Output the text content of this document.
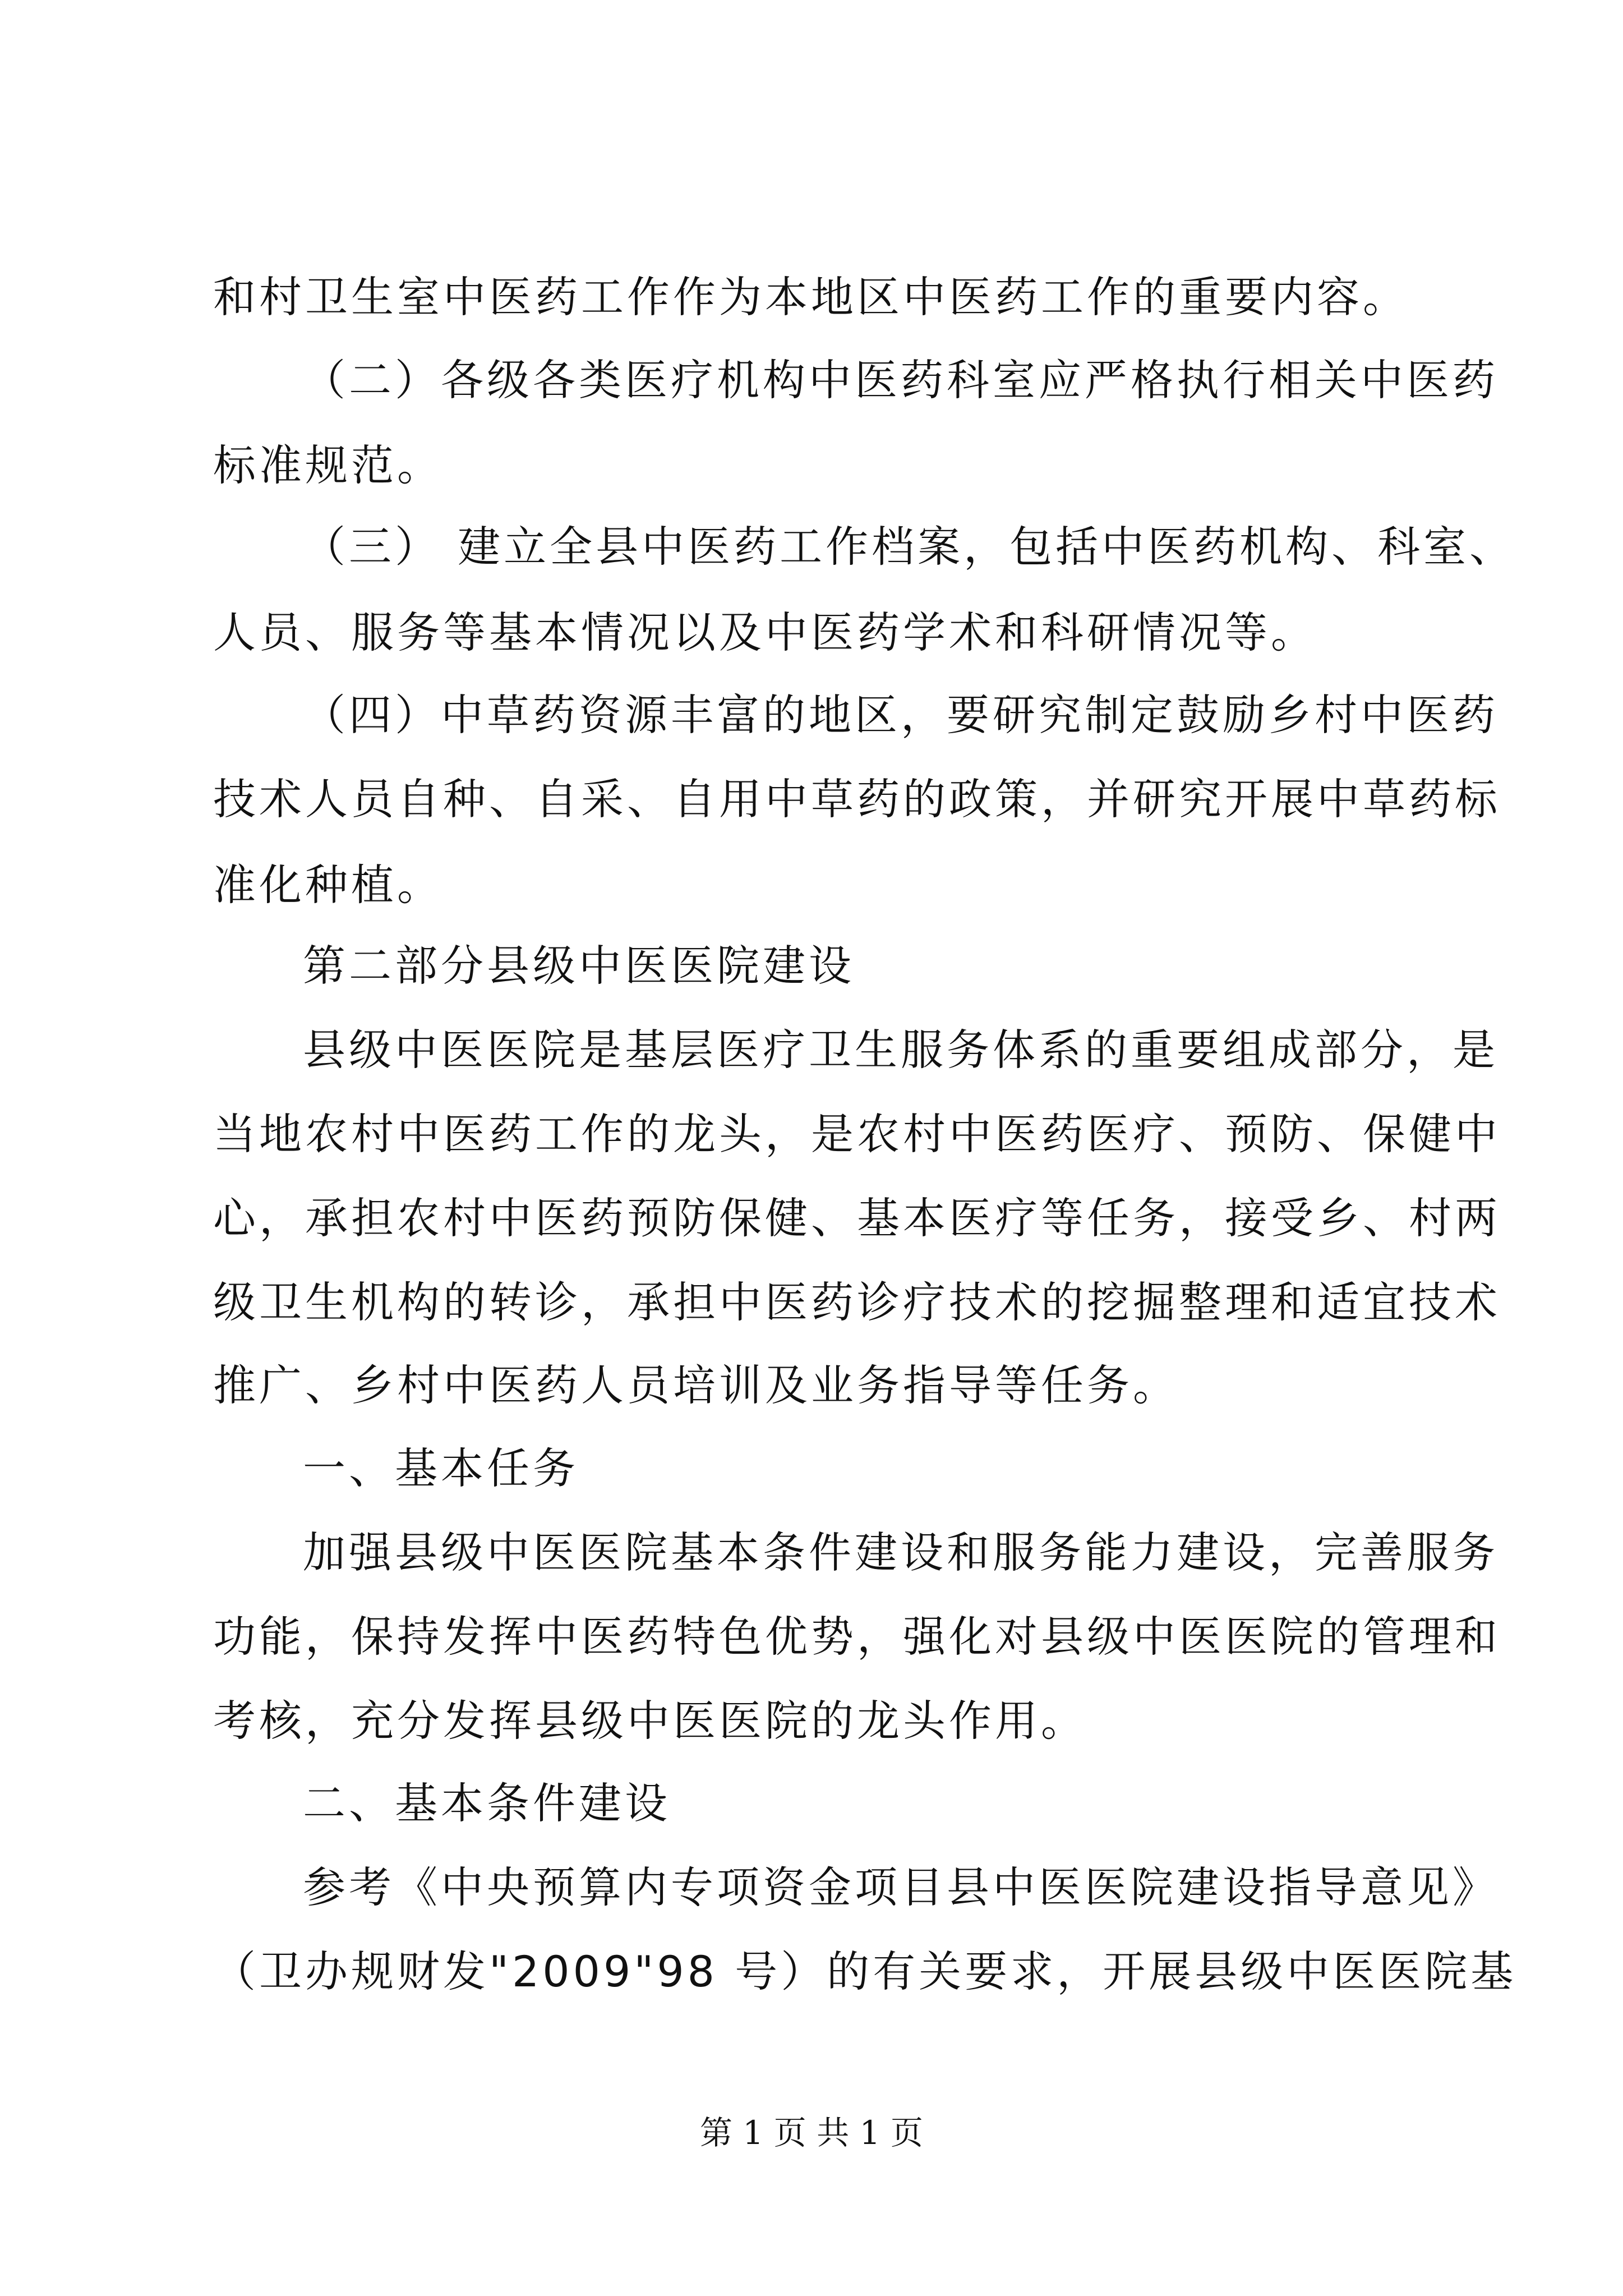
和村卫生室中医药工作作为本地区中医药工作的重要内容。
（二）各级各类医疗机构中医药科室应严格执行相关中医药
标准规范。
（三） 建立全县中医药工作档案，包括中医药机构、科室、
人员、服务等基本情况以及中医药学术和科研情况等。
（四）中草药资源丰富的地区，要研究制定鼓励乡村中医药
技术人员自种、自采、自用中草药的政策，并研究开展中草药标
准化种植。
第二部分县级中医医院建设
县级中医医院是基层医疗卫生服务体系的重要组成部分，是
当地农村中医药工作的龙头，是农村中医药医疗、预防、保健中
心，承担农村中医药预防保健、基本医疗等任务，接受乡、村两
级卫生机构的转诊，承担中医药诊疗技术的挖掘整理和适宜技术
推广、乡村中医药人员培训及业务指导等任务。
一、基本任务
加强县级中医医院基本条件建设和服务能力建设，完善服务
功能，保持发挥中医药特色优势，强化对县级中医医院的管理和
考核，充分发挥县级中医医院的龙头作用。
二、基本条件建设
参考《中央预算内专项资金项目县中医医院建设指导意见》
（卫办规财发"2009"98 号）的有关要求，开展县级中医医院基
第 1 页 共 1 页
